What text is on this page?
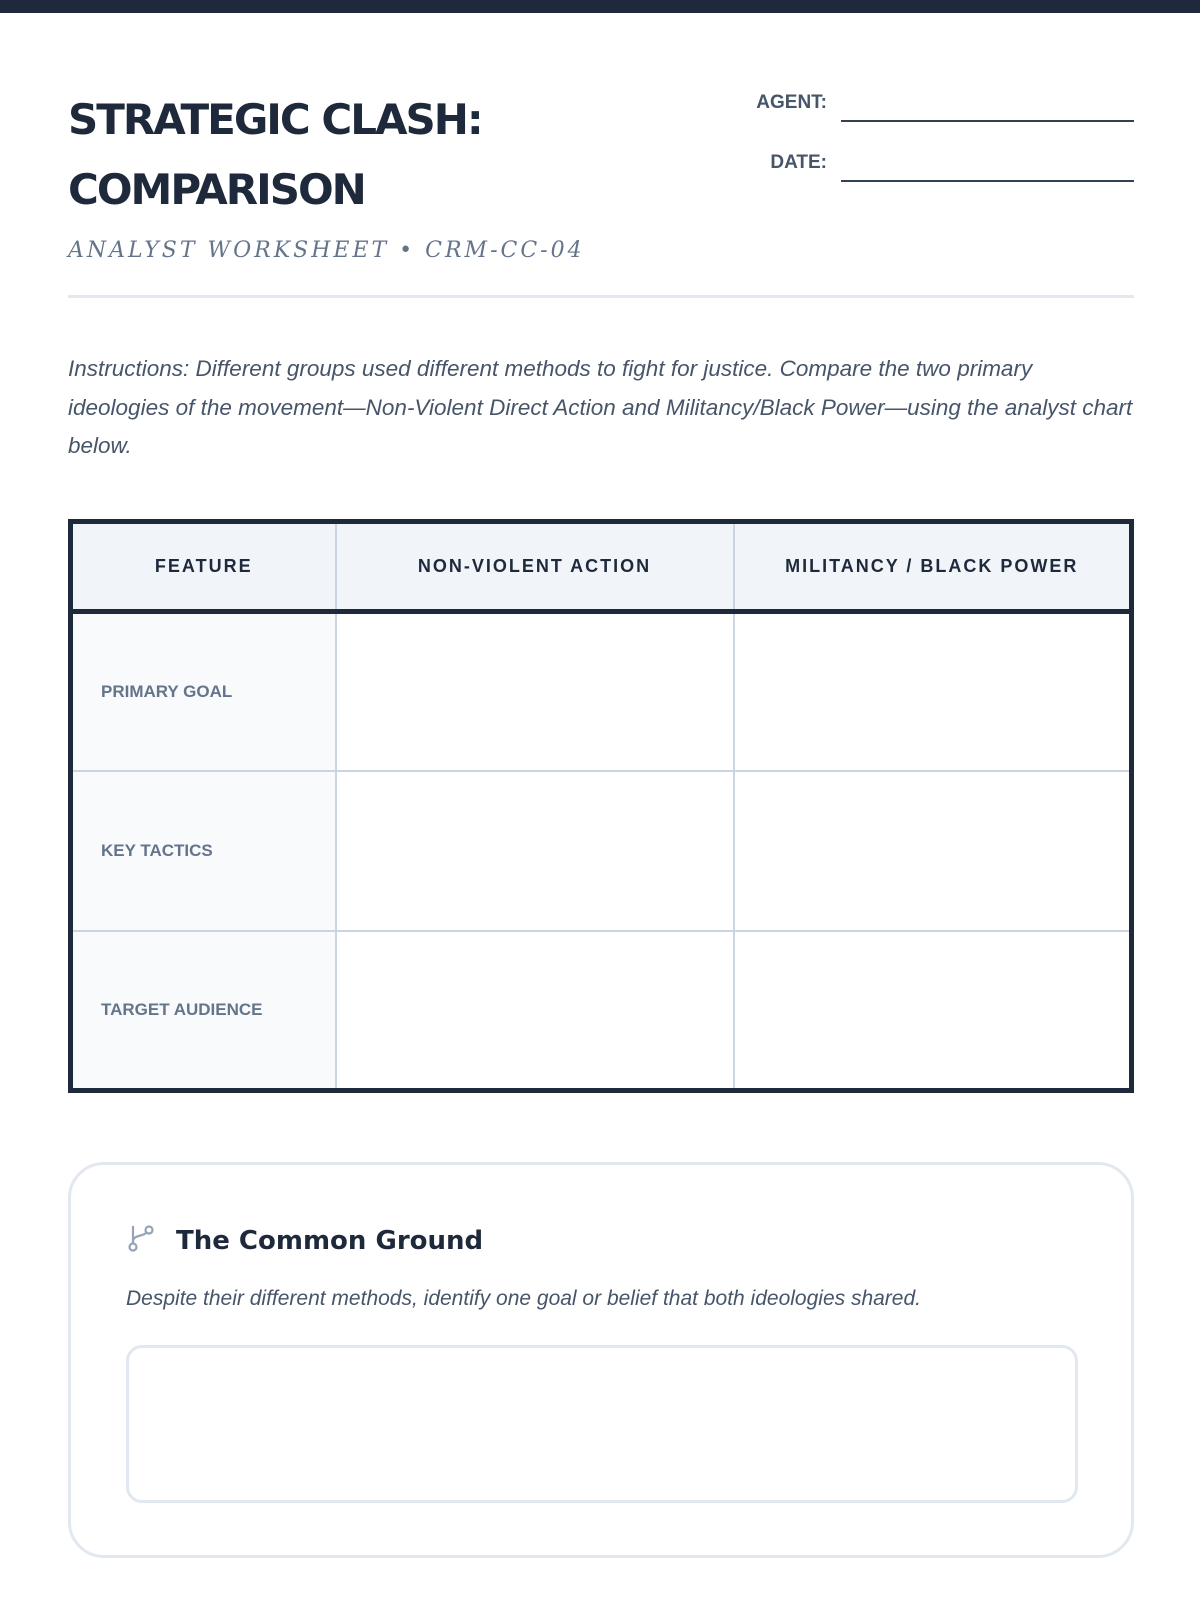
STRATEGIC CLASH:
COMPARISON
AGENT:
DATE:
ANALYST WORKSHEET • CRM-CC-04

Instructions: Different groups used different methods to fight for justice. Compare the two primary ideologies of the movement—Non-Violent Direct Action and Militancy/Black Power—using the analyst chart below.

FEATURE	NON-VIOLENT ACTION	MILITANCY / BLACK POWER
PRIMARY GOAL		
KEY TACTICS		
TARGET AUDIENCE		
The Common Ground
Despite their different methods, identify one goal or belief that both ideologies shared.
